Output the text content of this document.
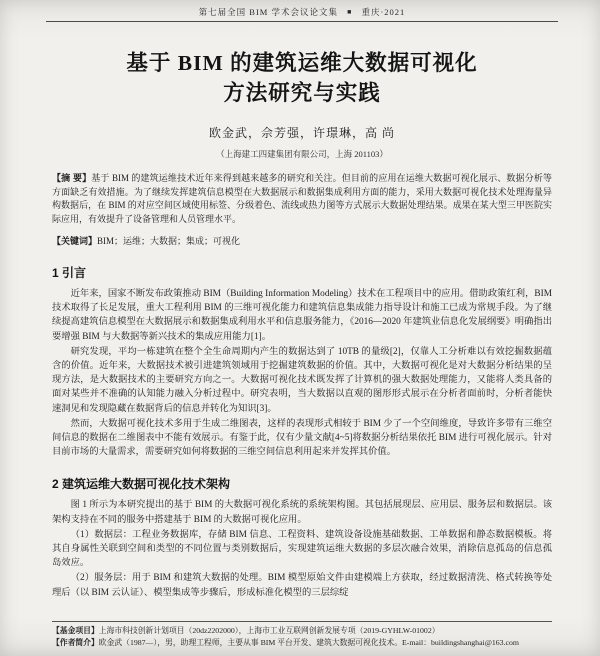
第七届全国 BIM 学术会议论文集 ■ 重庆·2021
基于 BIM 的建筑运维大数据可视化
方法研究与实践
欧金武，佘芳强，许璟琳，高 尚
（上海建工四建集团有限公司，上海 201103）

【摘 要】基于 BIM 的建筑运维技术近年来得到越来越多的研究和关注。但目前的应用在运维大数据可视化展示、数据分析等方面缺乏有效措施。为了继续发挥建筑信息模型在大数据展示和数据集成利用方面的能力，采用大数据可视化技术处理海量异构数据后，在 BIM 的对应空间区域使用标签、分级着色、流线或热力图等方式展示大数据处理结果。成果在某大型三甲医院实际应用，有效提升了设备管理和人员管理水平。

【关键词】BIM；运维；大数据；集成；可视化

1 引言

近年来，国家不断发布政策推动 BIM（Building Information Modeling）技术在工程项目中的应用。借助政策红利，BIM 技术取得了长足发展，重大工程利用 BIM 的三维可视化能力和建筑信息集成能力指导设计和施工已成为常规手段。为了继续提高建筑信息模型在大数据展示和数据集成利用水平和信息服务能力，《2016—2020 年建筑业信息化发展纲要》明确指出要增强 BIM 与大数据等新兴技术的集成应用能力[1]。

研究发现，平均一栋建筑在整个全生命周期内产生的数据达到了 10TB 的量级[2]，仅靠人工分析难以有效挖掘数据蕴含的价值。近年来，大数据技术被引进建筑领域用于挖掘建筑数据的价值。其中，大数据可视化是对大数据分析结果的呈现方法，是大数据技术的主要研究方向之一。大数据可视化技术既发挥了计算机的强大数据处理能力，又能将人类具备的面对某些并不准确的认知能力融入分析过程中。研究表明，当大数据以直观的图形形式展示在分析者面前时，分析者能快速洞见和发现隐藏在数据背后的信息并转化为知识[3]。

然而，大数据可视化技术多用于生成二维图表，这样的表现形式相较于 BIM 少了一个空间维度，导致许多带有三维空间信息的数据在二维图表中不能有效展示。有鉴于此，仅有少量文献[4~5]将数据分析结果依托 BIM 进行可视化展示。针对目前市场的大量需求，需要研究如何将数据的三维空间信息利用起来并发挥其价值。

2 建筑运维大数据可视化技术架构

图 1 所示为本研究提出的基于 BIM 的大数据可视化系统的系统架构图。其包括展现层、应用层、服务层和数据层。该架构支持在不同的服务中搭建基于 BIM 的大数据可视化应用。

（1）数据层：工程业务数据库，存储 BIM 信息、工程资料、建筑设备设施基础数据、工单数据和静态数据模板。将其自身属性关联到空间和类型的不同位置与类别数据后，实现建筑运维大数据的多层次融合效果，消除信息孤岛的信息孤岛效应。

（2）服务层：用于 BIM 和建筑大数据的处理。BIM 模型原始文件由建模端上方获取，经过数据清洗、格式转换等处理后（以 BIM 云认证）、模型集成等步骤后，形成标准化模型的三层综绽

【基金项目】上海市科技创新计划项目（20dz2202000），上海市工业互联网创新发展专项（2019-GYHLW-01002）
【作者简介】欧金武（1987—），男，助理工程师，主要从事 BIM 平台开发、建筑大数据可视化技术。E-mail：buildingshanghai@163.com
